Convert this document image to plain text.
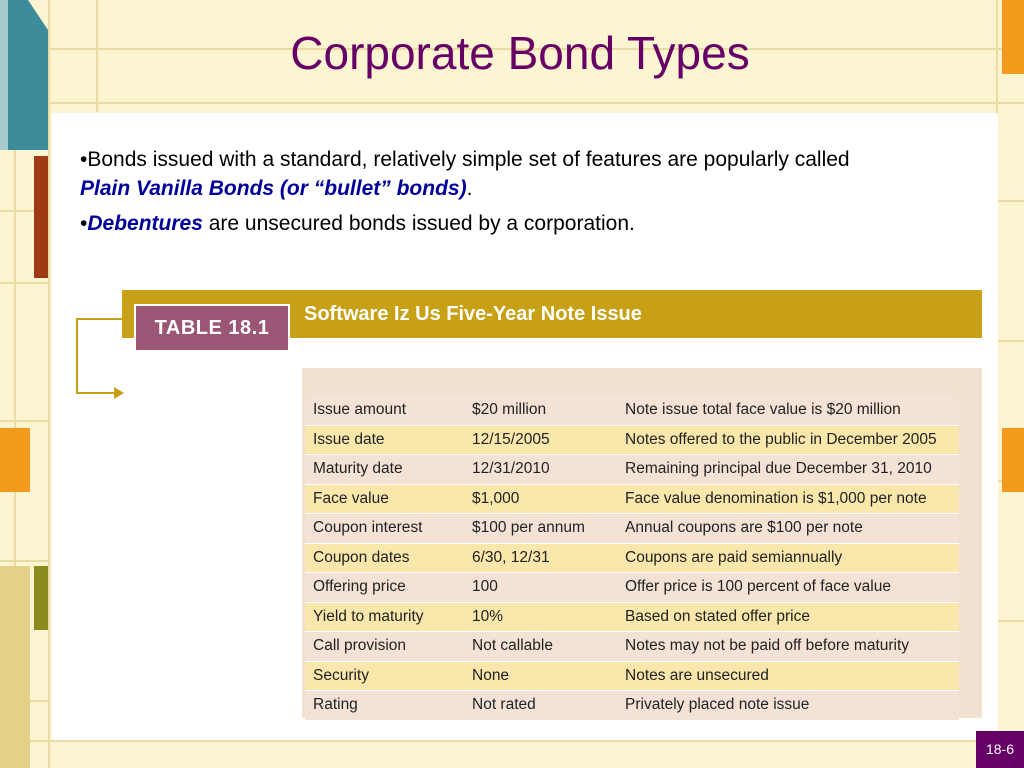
Corporate Bond Types

•Bonds issued with a standard, relatively simple set of features are popularly called Plain Vanilla Bonds (or “bullet” bonds).

•Debentures are unsecured bonds issued by a corporation.

Software Iz Us Five-Year Note Issue
TABLE 18.1
Issue amount	$20 million	Note issue total face value is $20 million
Issue date	12/15/2005	Notes offered to the public in December 2005
Maturity date	12/31/2010	Remaining principal due December 31, 2010
Face value	$1,000	Face value denomination is $1,000 per note
Coupon interest	$100 per annum	Annual coupons are $100 per note
Coupon dates	6/30, 12/31	Coupons are paid semiannually
Offering price	100	Offer price is 100 percent of face value
Yield to maturity	10%	Based on stated offer price
Call provision	Not callable	Notes may not be paid off before maturity
Security	None	Notes are unsecured
Rating	Not rated	Privately placed note issue
18-6
